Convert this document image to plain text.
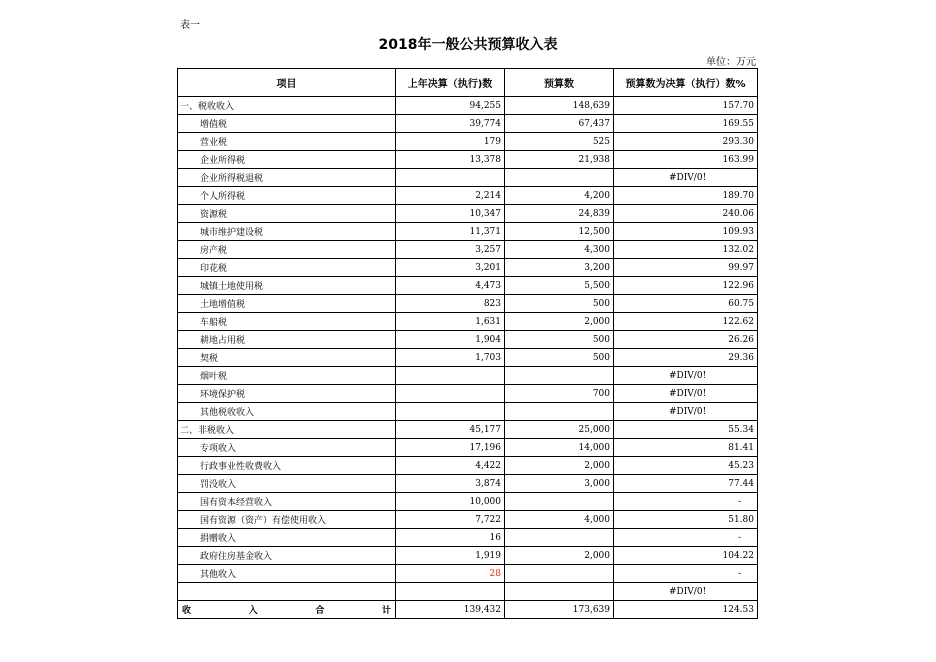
表一
2018年一般公共预算收入表
单位：万元
项目	上年决算（执行)数	预算数	预算数为决算（执行）数%
一、税收收入	94,255	148,639	157.70
增值税	39,774	67,437	169.55
营业税	179	525	293.30
企业所得税	13,378	21,938	163.99
企业所得税退税			#DIV/0!
个人所得税	2,214	4,200	189.70
资源税	10,347	24,839	240.06
城市维护建设税	11,371	12,500	109.93
房产税	3,257	4,300	132.02
印花税	3,201	3,200	99.97
城镇土地使用税	4,473	5,500	122.96
土地增值税	823	500	60.75
车船税	1,631	2,000	122.62
耕地占用税	1,904	500	26.26
契税	1,703	500	29.36
烟叶税			#DIV/0!
环境保护税		700	#DIV/0!
其他税收收入			#DIV/0!
二、非税收入	45,177	25,000	55.34
专项收入	17,196	14,000	81.41
行政事业性收费收入	4,422	2,000	45.23
罚没收入	3,874	3,000	77.44
国有资本经营收入	10,000		-
国有资源（资产）有偿使用收入	7,722	4,000	51.80
捐赠收入	16		-
政府住房基金收入	1,919	2,000	104.22
其他收入	28		-
			#DIV/0!

收 入 合 计	139,432	173,639	124.53
